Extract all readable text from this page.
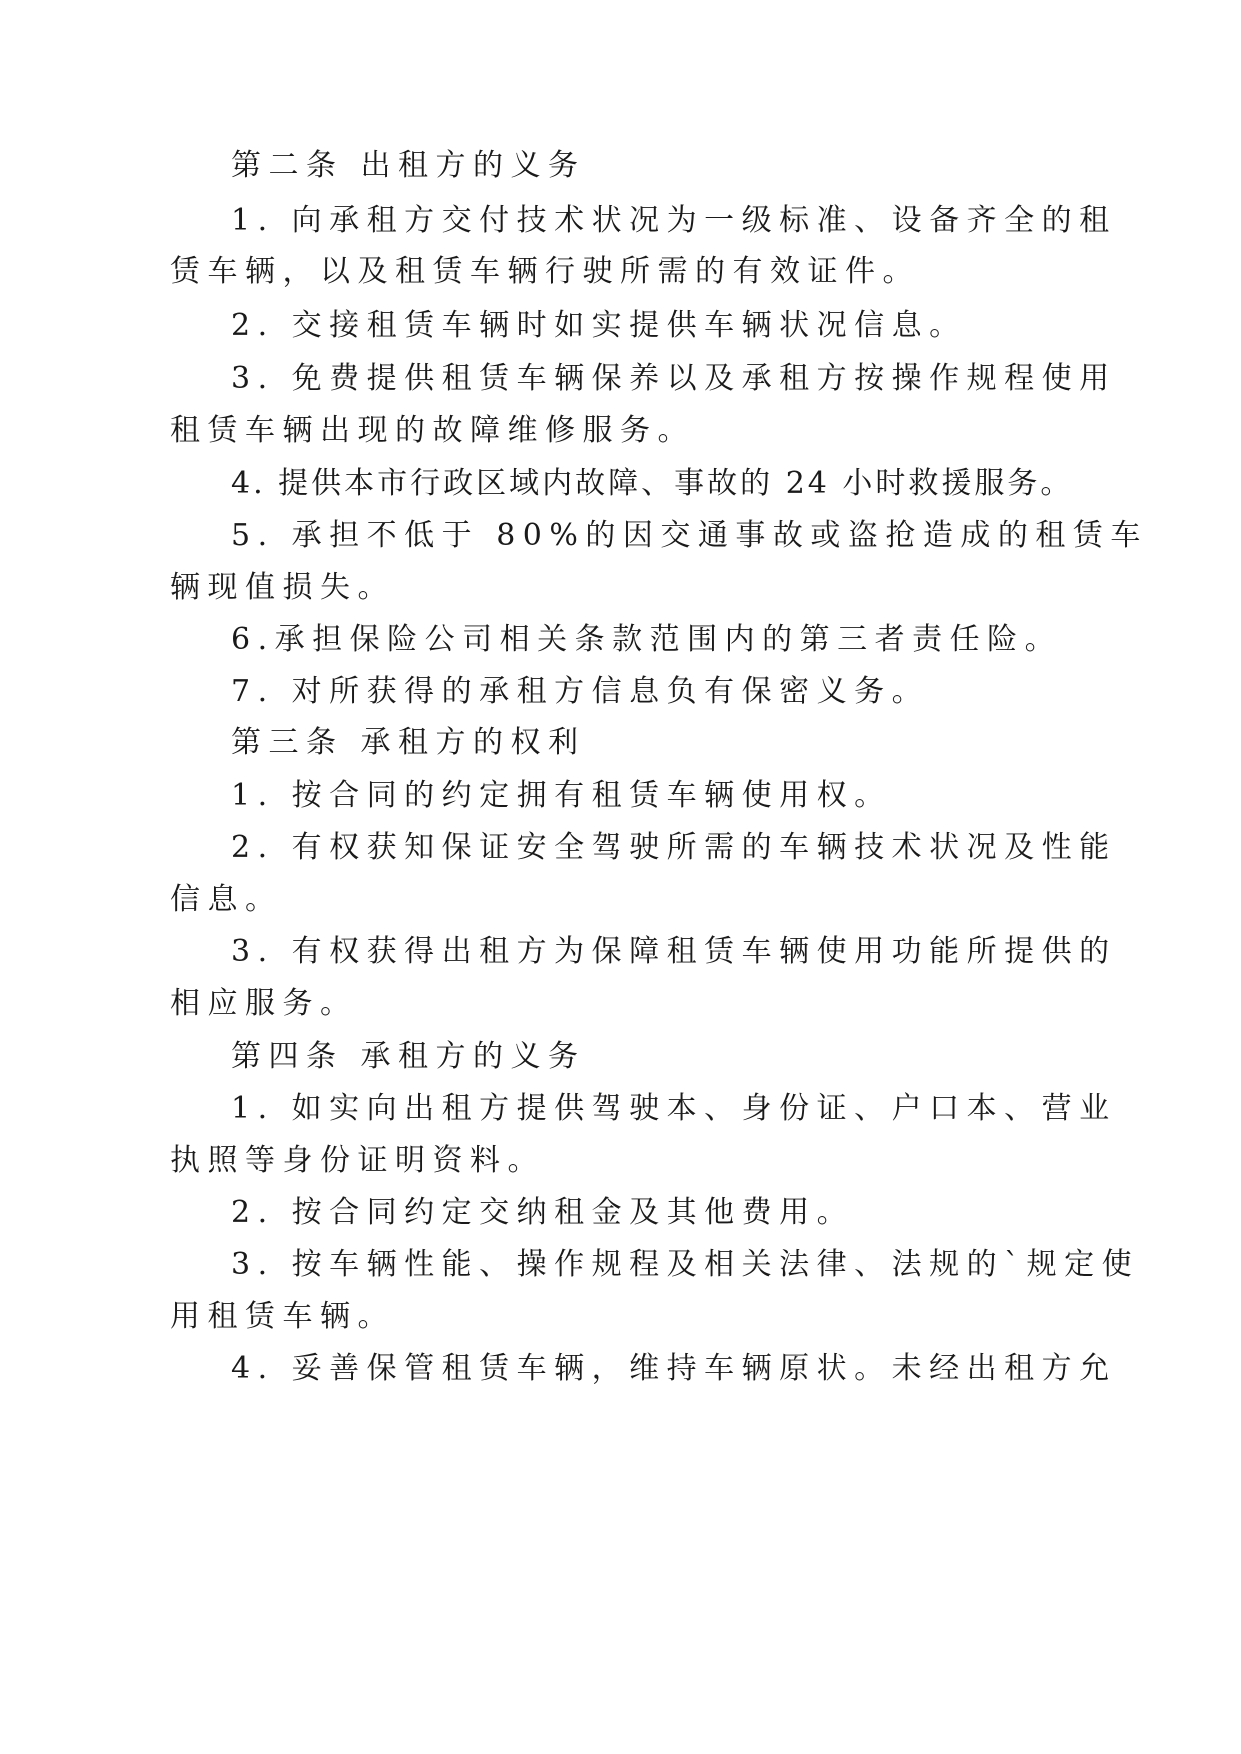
第二条 出租方的义务
1. 向承租方交付技术状况为一级标准、设备齐全的租
赁车辆，以及租赁车辆行驶所需的有效证件。
2. 交接租赁车辆时如实提供车辆状况信息。
3. 免费提供租赁车辆保养以及承租方按操作规程使用
租赁车辆出现的故障维修服务。
4. 提供本市行政区域内故障、事故的 24 小时救援服务。
5. 承担不低于 80%的因交通事故或盗抢造成的租赁车
辆现值损失。
6.承担保险公司相关条款范围内的第三者责任险。
7. 对所获得的承租方信息负有保密义务。
第三条 承租方的权利
1. 按合同的约定拥有租赁车辆使用权。
2. 有权获知保证安全驾驶所需的车辆技术状况及性能
信息。
3. 有权获得出租方为保障租赁车辆使用功能所提供的
相应服务。
第四条 承租方的义务
1. 如实向出租方提供驾驶本、身份证、户口本、营业
执照等身份证明资料。
2. 按合同约定交纳租金及其他费用。
3. 按车辆性能、操作规程及相关法律、法规的`规定使
用租赁车辆。
4. 妥善保管租赁车辆，维持车辆原状。未经出租方允
